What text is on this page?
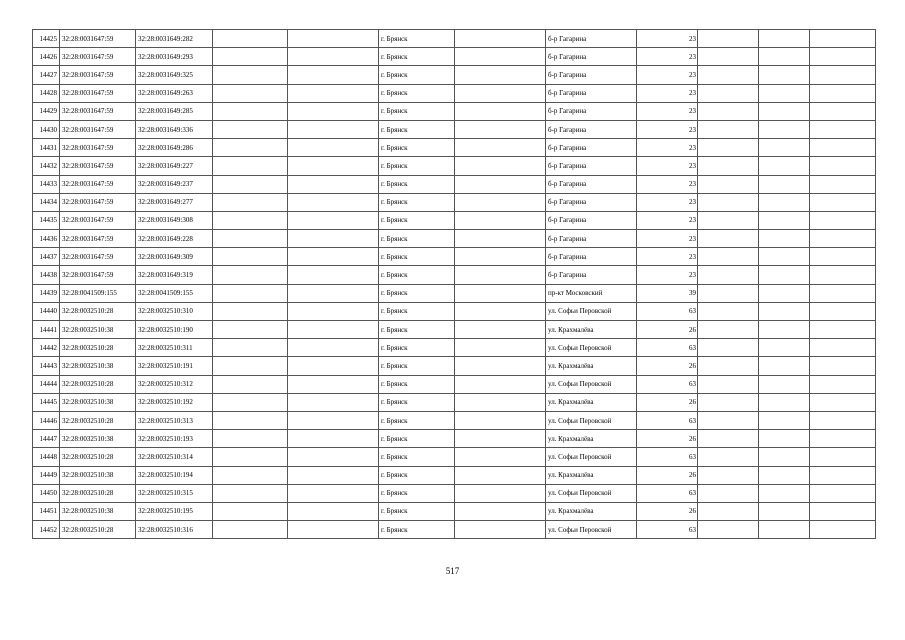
14425	32:28:0031647:59	32:28:0031649:282			г. Брянск		б-р Гагарина	23			
14426	32:28:0031647:59	32:28:0031649:293			г. Брянск		б-р Гагарина	23			
14427	32:28:0031647:59	32:28:0031649:325			г. Брянск		б-р Гагарина	23			
14428	32:28:0031647:59	32:28:0031649:263			г. Брянск		б-р Гагарина	23			
14429	32:28:0031647:59	32:28:0031649:285			г. Брянск		б-р Гагарина	23			
14430	32:28:0031647:59	32:28:0031649:336			г. Брянск		б-р Гагарина	23			
14431	32:28:0031647:59	32:28:0031649:286			г. Брянск		б-р Гагарина	23			
14432	32:28:0031647:59	32:28:0031649:227			г. Брянск		б-р Гагарина	23			
14433	32:28:0031647:59	32:28:0031649:237			г. Брянск		б-р Гагарина	23			
14434	32:28:0031647:59	32:28:0031649:277			г. Брянск		б-р Гагарина	23			
14435	32:28:0031647:59	32:28:0031649:308			г. Брянск		б-р Гагарина	23			
14436	32:28:0031647:59	32:28:0031649:228			г. Брянск		б-р Гагарина	23			
14437	32:28:0031647:59	32:28:0031649:309			г. Брянск		б-р Гагарина	23			
14438	32:28:0031647:59	32:28:0031649:319			г. Брянск		б-р Гагарина	23			
14439	32:28:0041509:155	32:28:0041509:155			г. Брянск		пр-кт Московский	39			
14440	32:28:0032510:28	32:28:0032510:310			г. Брянск		ул. Софьи Перовской	63			
14441	32:28:0032510:38	32:28:0032510:190			г. Брянск		ул. Крахмалёва	26			
14442	32:28:0032510:28	32:28:0032510:311			г. Брянск		ул. Софьи Перовской	63			
14443	32:28:0032510:38	32:28:0032510:191			г. Брянск		ул. Крахмалёва	26			
14444	32:28:0032510:28	32:28:0032510:312			г. Брянск		ул. Софьи Перовской	63			
14445	32:28:0032510:38	32:28:0032510:192			г. Брянск		ул. Крахмалёва	26			
14446	32:28:0032510:28	32:28:0032510:313			г. Брянск		ул. Софьи Перовской	63			
14447	32:28:0032510:38	32:28:0032510:193			г. Брянск		ул. Крахмалёва	26			
14448	32:28:0032510:28	32:28:0032510:314			г. Брянск		ул. Софьи Перовской	63			
14449	32:28:0032510:38	32:28:0032510:194			г. Брянск		ул. Крахмалёва	26			
14450	32:28:0032510:28	32:28:0032510:315			г. Брянск		ул. Софьи Перовской	63			
14451	32:28:0032510:38	32:28:0032510:195			г. Брянск		ул. Крахмалёва	26			
14452	32:28:0032510:28	32:28:0032510:316			г. Брянск		ул. Софьи Перовской	63			
517
